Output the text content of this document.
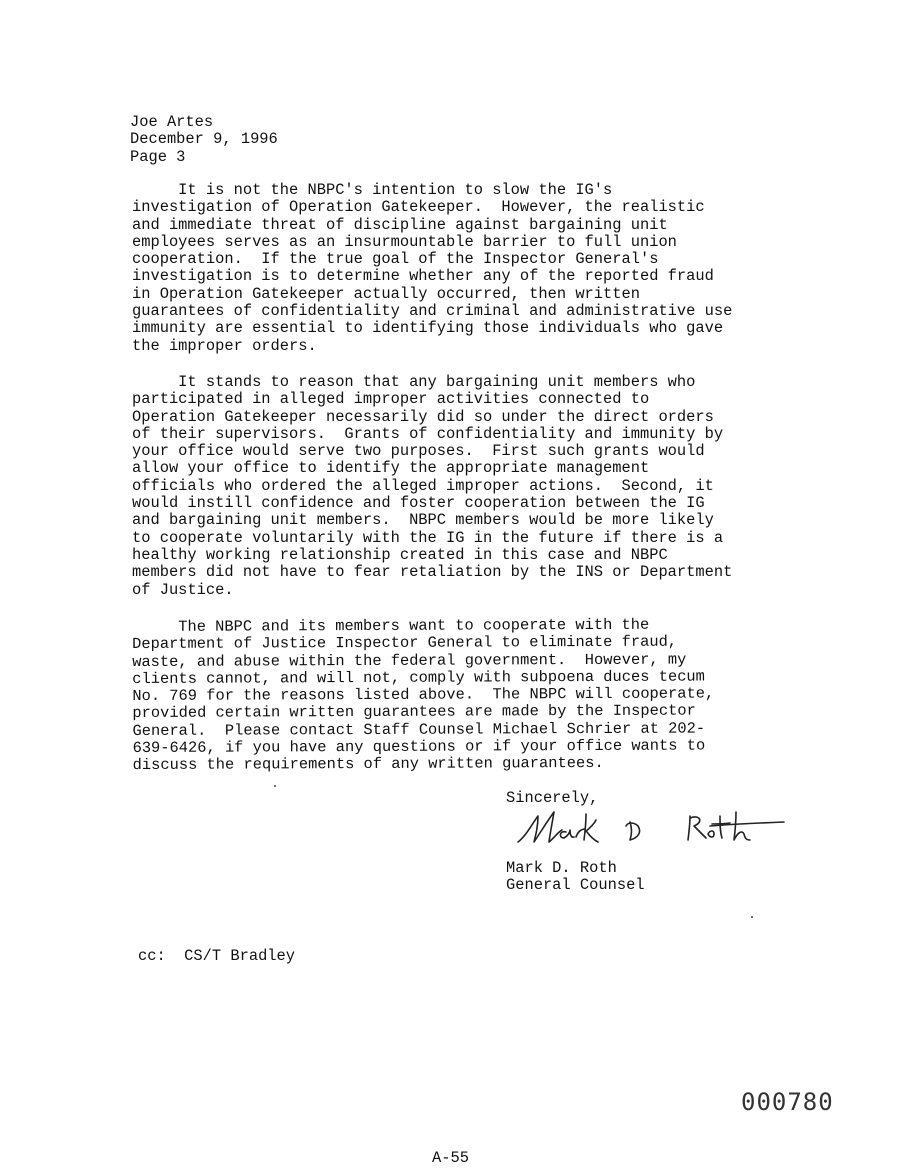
Joe Artes
December 9, 1996
Page 3
It is not the NBPC's intention to slow the IG's
investigation of Operation Gatekeeper.  However, the realistic
and immediate threat of discipline against bargaining unit
employees serves as an insurmountable barrier to full union
cooperation.  If the true goal of the Inspector General's
investigation is to determine whether any of the reported fraud
in Operation Gatekeeper actually occurred, then written
guarantees of confidentiality and criminal and administrative use
immunity are essential to identifying those individuals who gave
the improper orders.
It stands to reason that any bargaining unit members who
participated in alleged improper activities connected to
Operation Gatekeeper necessarily did so under the direct orders
of their supervisors.  Grants of confidentiality and immunity by
your office would serve two purposes.  First such grants would
allow your office to identify the appropriate management
officials who ordered the alleged improper actions.  Second, it
would instill confidence and foster cooperation between the IG
and bargaining unit members.  NBPC members would be more likely
to cooperate voluntarily with the IG in the future if there is a
healthy working relationship created in this case and NBPC
members did not have to fear retaliation by the INS or Department
of Justice.
The NBPC and its members want to cooperate with the
Department of Justice Inspector General to eliminate fraud,
waste, and abuse within the federal government.  However, my
clients cannot, and will not, comply with subpoena duces tecum
No. 769 for the reasons listed above.  The NBPC will cooperate,
provided certain written guarantees are made by the Inspector
General.  Please contact Staff Counsel Michael Schrier at 202-
639-6426, if you have any questions or if your office wants to
discuss the requirements of any written guarantees.
Sincerely,
Mark D. Roth
General Counsel
cc:  CS/T Bradley
000780
A-55
